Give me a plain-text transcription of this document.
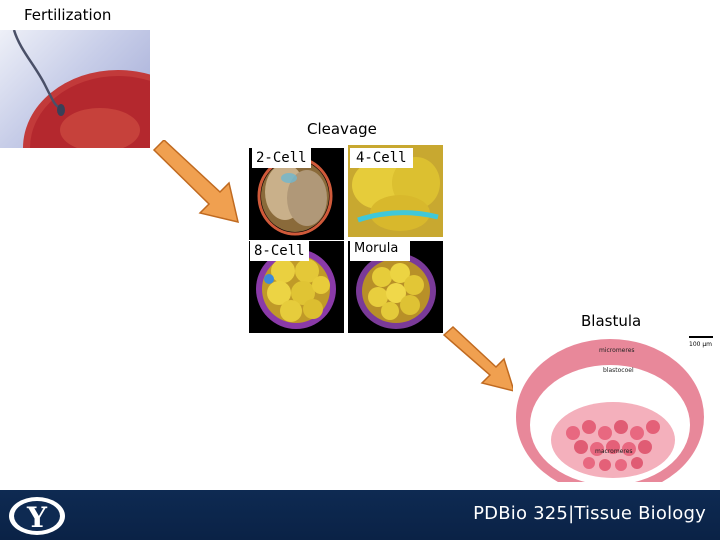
Fertilization
Cleavage
2-Cell	4-Cell
8-Cell	Morula
Blastula
100 µm
micromeres
blastocoel
macromeres
Y	PDBio 325|Tissue Biology
